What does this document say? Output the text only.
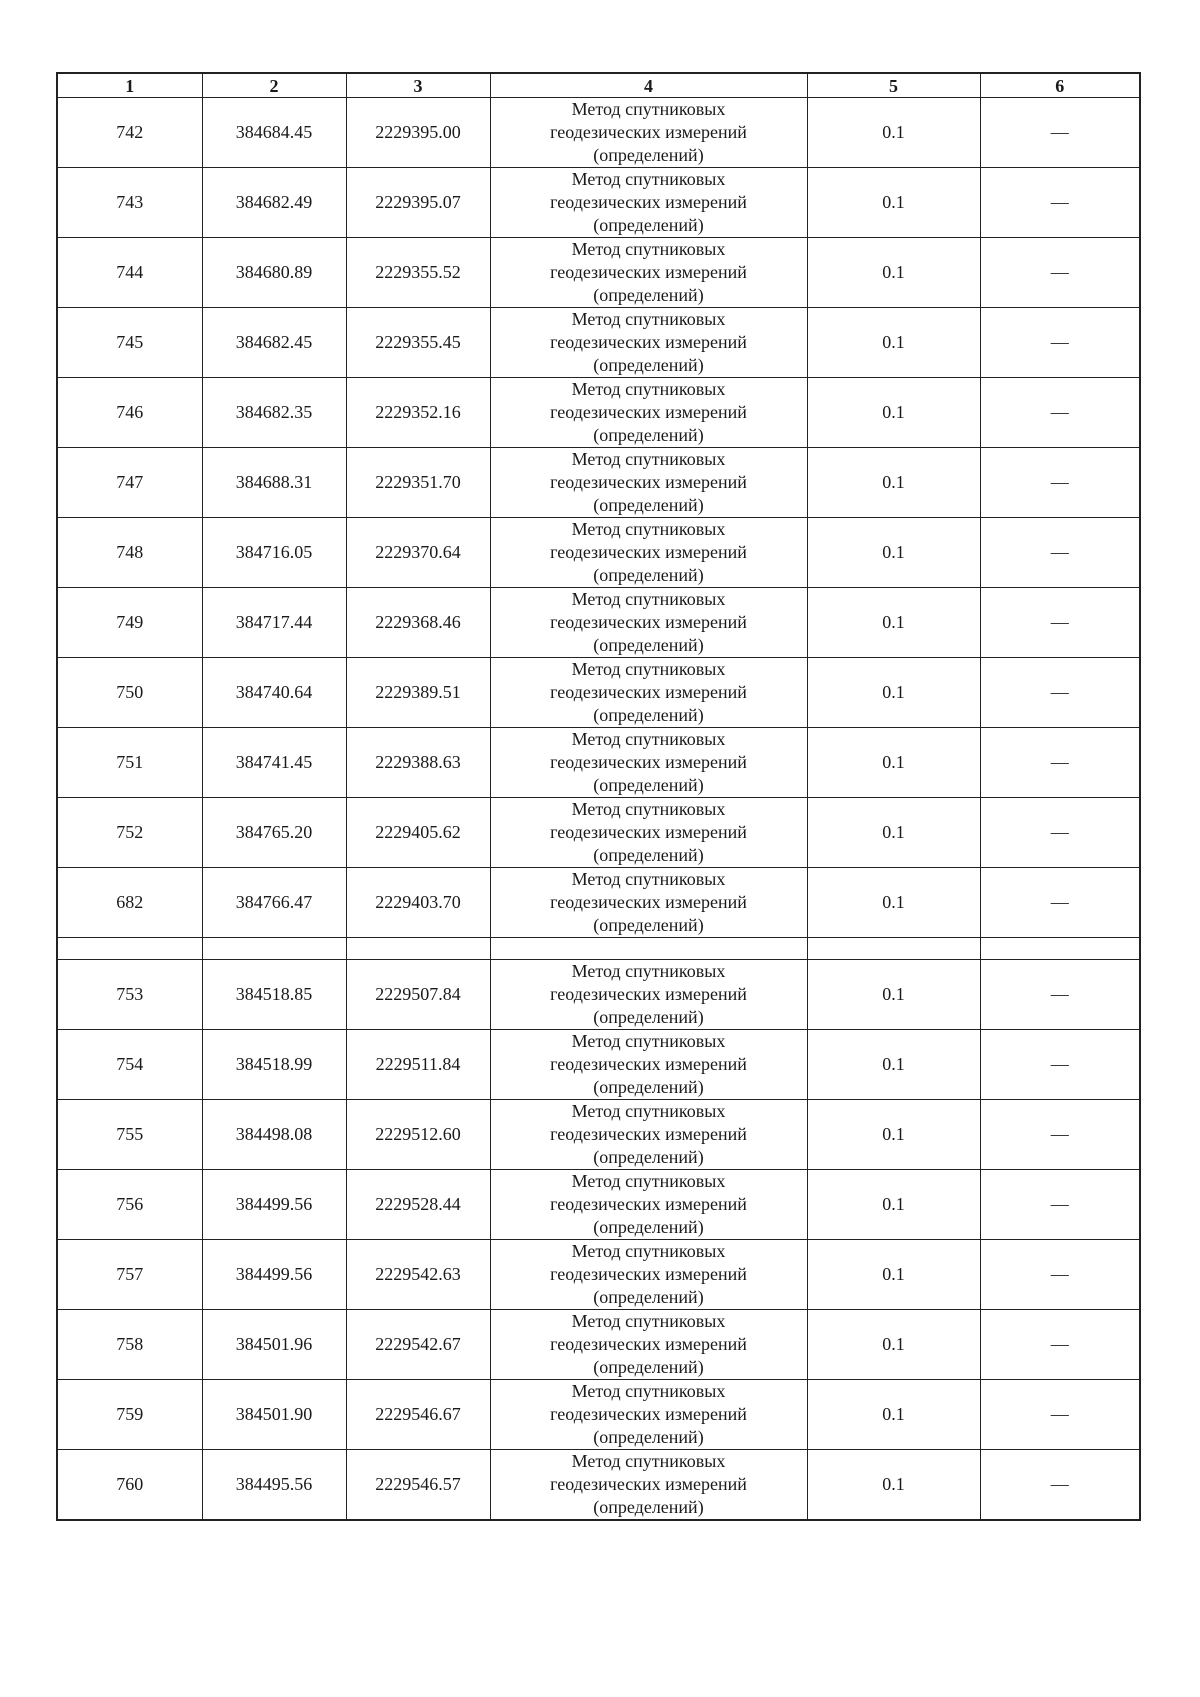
1	2	3	4	5	6
742	384684.45	2229395.00	Метод спутниковых
геодезических измерений
(определений)	0.1	—
743	384682.49	2229395.07	Метод спутниковых
геодезических измерений
(определений)	0.1	—
744	384680.89	2229355.52	Метод спутниковых
геодезических измерений
(определений)	0.1	—
745	384682.45	2229355.45	Метод спутниковых
геодезических измерений
(определений)	0.1	—
746	384682.35	2229352.16	Метод спутниковых
геодезических измерений
(определений)	0.1	—
747	384688.31	2229351.70	Метод спутниковых
геодезических измерений
(определений)	0.1	—
748	384716.05	2229370.64	Метод спутниковых
геодезических измерений
(определений)	0.1	—
749	384717.44	2229368.46	Метод спутниковых
геодезических измерений
(определений)	0.1	—
750	384740.64	2229389.51	Метод спутниковых
геодезических измерений
(определений)	0.1	—
751	384741.45	2229388.63	Метод спутниковых
геодезических измерений
(определений)	0.1	—
752	384765.20	2229405.62	Метод спутниковых
геодезических измерений
(определений)	0.1	—
682	384766.47	2229403.70	Метод спутниковых
геодезических измерений
(определений)	0.1	—

753	384518.85	2229507.84	Метод спутниковых
геодезических измерений
(определений)	0.1	—
754	384518.99	2229511.84	Метод спутниковых
геодезических измерений
(определений)	0.1	—
755	384498.08	2229512.60	Метод спутниковых
геодезических измерений
(определений)	0.1	—
756	384499.56	2229528.44	Метод спутниковых
геодезических измерений
(определений)	0.1	—
757	384499.56	2229542.63	Метод спутниковых
геодезических измерений
(определений)	0.1	—
758	384501.96	2229542.67	Метод спутниковых
геодезических измерений
(определений)	0.1	—
759	384501.90	2229546.67	Метод спутниковых
геодезических измерений
(определений)	0.1	—
760	384495.56	2229546.57	Метод спутниковых
геодезических измерений
(определений)	0.1	—
